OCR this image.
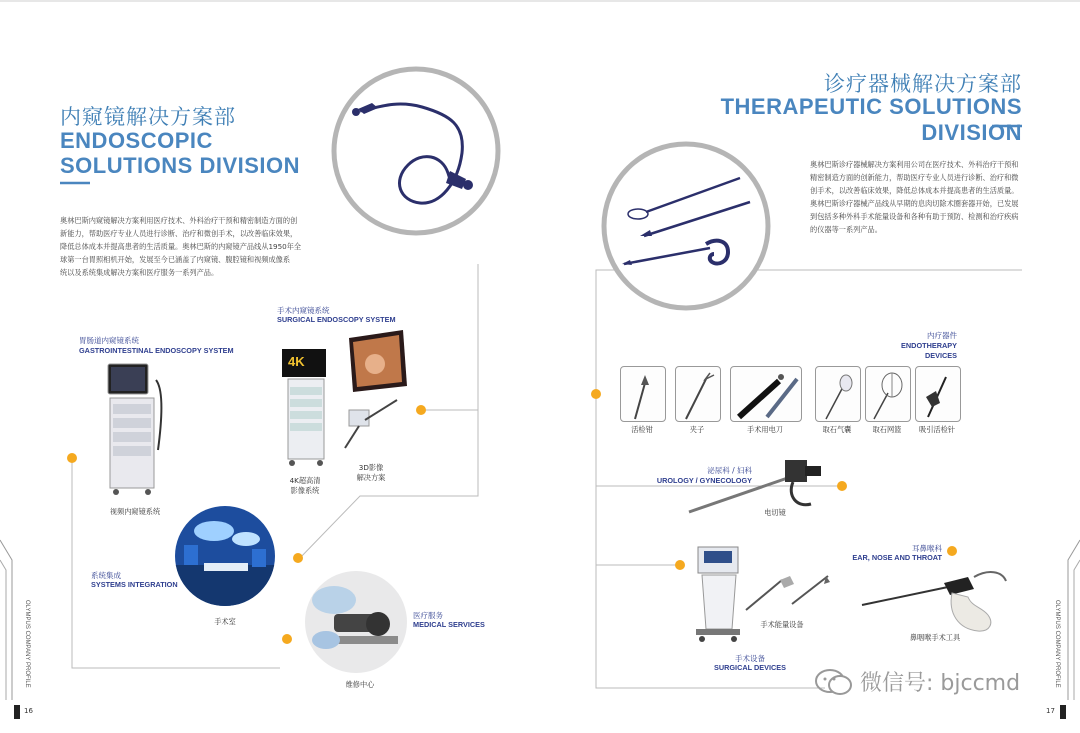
内窥镜解决方案部
ENDOSCOPIC
SOLUTIONS DIVISION
奥林巴斯内窥镜解决方案利用医疗技术、外科治疗干预和精密制造方面的创
新能力，帮助医疗专业人员进行诊断、治疗和微创手术，以改善临床效果，
降低总体成本并提高患者的生活质量。奥林巴斯的内窥镜产品线从1950年全
球第一台胃照相机开始，发展至今已涵盖了内窥镜、腹腔镜和视频成像系
统以及系统集成解决方案和医疗服务一系列产品。
胃肠道内窥镜系统
GASTROINTESTINAL ENDOSCOPY SYSTEM
视频内窥镜系统
手术内窥镜系统
SURGICAL ENDOSCOPY SYSTEM
4K
4K超高清
影像系统
3D影像
解决方案
系统集成
SYSTEMS INTEGRATION
手术室
医疗服务
MEDICAL SERVICES
维修中心
OLYMPUS COMPANY PROFILE
16
诊疗器械解决方案部
THERAPEUTIC SOLUTIONS DIVISION
奥林巴斯诊疗器械解决方案利用公司在医疗技术、外科治疗干预和
精密制造方面的创新能力，帮助医疗专业人员进行诊断、治疗和微
创手术，以改善临床效果，降低总体成本并提高患者的生活质量。
奥林巴斯诊疗器械产品线从早期的息肉切除术圈套器开始，已发展
到包括多种外科手术能量设备和各种有助于预防、检测和治疗疾病
的仪器等一系列产品。
内疗器件
ENDOTHERAPY
DEVICES
活检钳	夹子	手术用电刀	取石气囊	取石网篮	吸引活检针
泌尿科 / 妇科
UROLOGY / GYNECOLOGY
电切镜
耳鼻喉科
EAR, NOSE AND THROAT
鼻咽喉手术工具
手术能量设备
手术设备
SURGICAL DEVICES
微信号: bjccmd	OLYMPUS COMPANY PROFILE
17
